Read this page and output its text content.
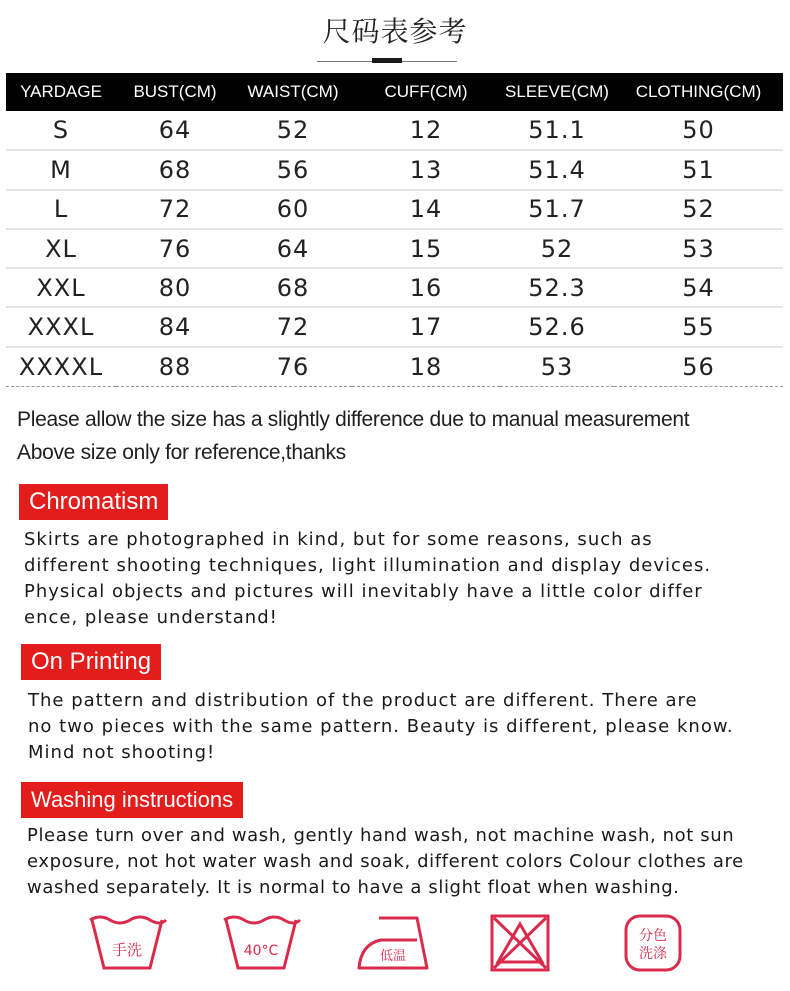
尺码表参考
YARDAGE	BUST(CM)	WAIST(CM)	CUFF(CM)	SLEEVE(CM)	CLOTHING(CM)
S	64	52	12	51.1	50
M	68	56	13	51.4	51
L	72	60	14	51.7	52
XL	76	64	15	52	53
XXL	80	68	16	52.3	54
XXXL	84	72	17	52.6	55
XXXXL	88	76	18	53	56
Please allow the size has a slightly difference due to manual measurement
Above size only for reference,thanks
Chromatism

Skirts are photographed in kind, but for some reasons, such as

different shooting techniques, light illumination and display devices.

Physical objects and pictures will inevitably have a little color differ

ence, please understand!

On Printing

The pattern and distribution of the product are different. There are

no two pieces with the same pattern. Beauty is different, please know.

Mind not shooting!

Washing instructions

Please turn over and wash, gently hand wash, not machine wash, not sun

exposure, not hot water wash and soak, different colors Colour clothes are

washed separately. It is normal to have a slight float when washing.

手洗	40°C	低温
分色
洗涤
